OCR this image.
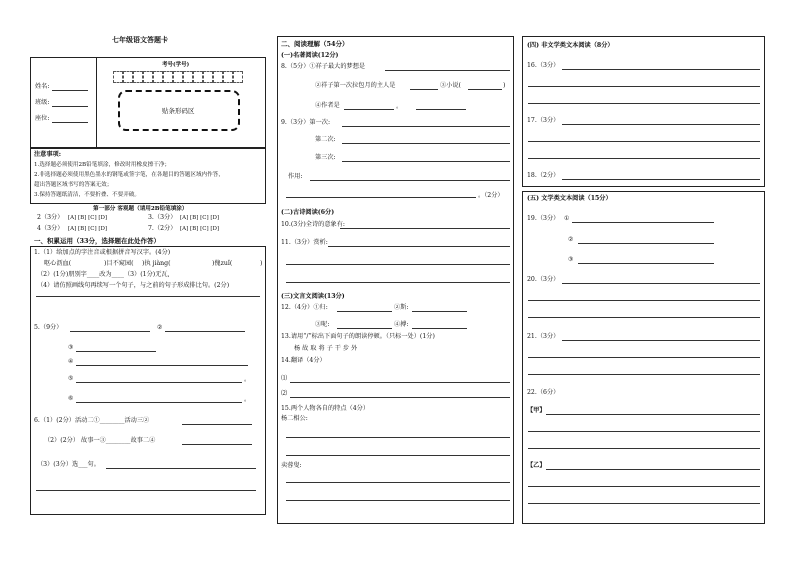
七年级语文答题卡
姓名:
班级:
座位:
考号(学号)
贴条形码区
注意事项:
1.选择题必须使用2B铅笔填涂，修改时用橡皮擦干净；
2.非选择题必须使用黑色墨水的钢笔或签字笔，在各题目的答题区域内作答，
超出答题区域书写的答案无效；
3.保持答题纸清洁，不要折叠、不要弄破。
第一部分 客观题（请用2B铅笔填涂）
2（3分） [A] [B] [C] [D]	3.（3分） [A] [B] [C] [D]
4（3分） [A] [B] [C] [D]	7.（2分） [A] [B] [C] [D]
一、积累运用（33分，选择题在此处作答）
1.（1）给加点的字注音或根据拼音写汉字。(4分)
呕心沥血(	)目不窥园( )执 jiàng(	)傀zuǐ(	)
（2）(1分)朋别字____改为____（3）(1分)无瓦,
（4）请仿照画线句再续写一个句子，与之前的句子形成排比句。(2分)
5.（9分）	②
③
④
⑤	。
⑥	。
6.（1）(2分）活动二①________活动三②
（2）(2分） 故事一③________故事二④
（3）(3分）选___句。
二、阅读理解（54分）
(一)名著阅读(12分)
8.（5分）①祥子最大的梦想是
②祥子第一次拉包月的主人是	③小说(	)
④作者是	。
9.（3分）第一次:
第二次:
第三次:
作用:
。（2分）
(二)古诗阅读(6分)
10.(3分)全诗的意象有:
11.（3分）赏析:
(三)文言文阅读(13分)
12.（4分）①归:	②斯:
③呢:	④搏:
13.请用“/”标出下面句子的朗读停顿。（只标一处）(1分)
杨 故 取 将 子 干 步 外
14.翻译（4分）
⑴
⑵
15.两个人物各自的特点（4分）
杨二相公:
卖蓉叟:
(四) 非文学类文本阅读（8分）
16.（3分）
17.（3分）
18.（2分）
(五) 文学类文本阅读（15分）
19.（3分） ①
②
③
20.（3分）
21.（3分）
22.（6分）
【甲】
【乙】
